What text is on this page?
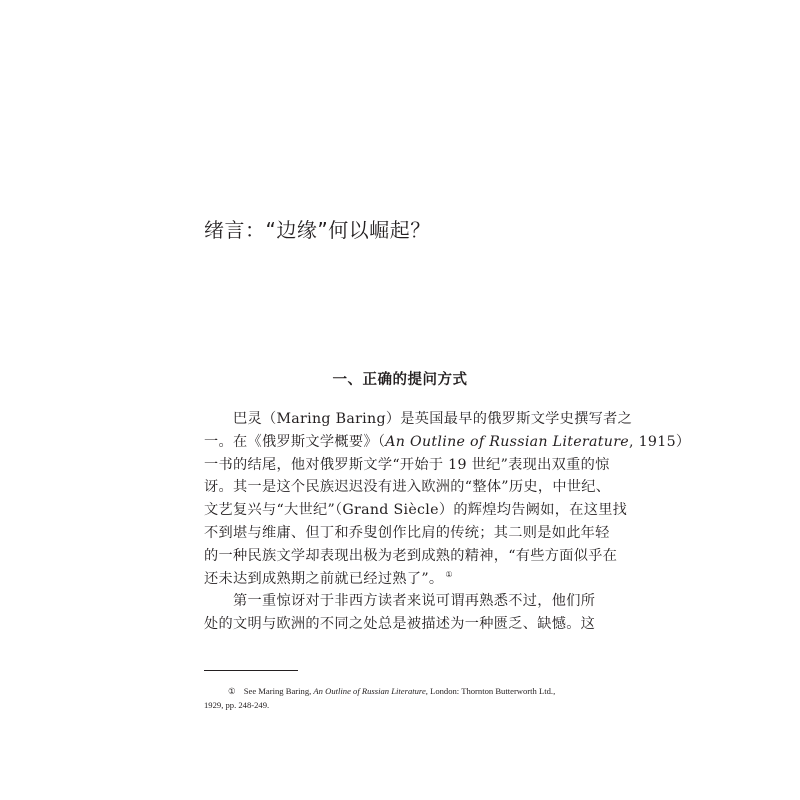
绪言：“边缘”何以崛起？
一、正确的提问方式

巴灵（Maring Baring）是英国最早的俄罗斯文学史撰写者之
一。在《俄罗斯文学概要》（An Outline of Russian Literature, 1915）
一书的结尾，他对俄罗斯文学“开始于 19 世纪”表现出双重的惊
讶。其一是这个民族迟迟没有进入欧洲的“整体”历史，中世纪、
文艺复兴与“大世纪”（Grand Siècle）的辉煌均告阙如，在这里找
不到堪与维庸、但丁和乔叟创作比肩的传统；其二则是如此年轻
的一种民族文学却表现出极为老到成熟的精神，“有些方面似乎在
还未达到成熟期之前就已经过熟了”。 ①

第一重惊讶对于非西方读者来说可谓再熟悉不过，他们所
处的文明与欧洲的不同之处总是被描述为一种匮乏、缺憾。这

① See Maring Baring, An Outline of Russian Literature, London: Thornton Butterworth Ltd.,
1929, pp. 248-249.
